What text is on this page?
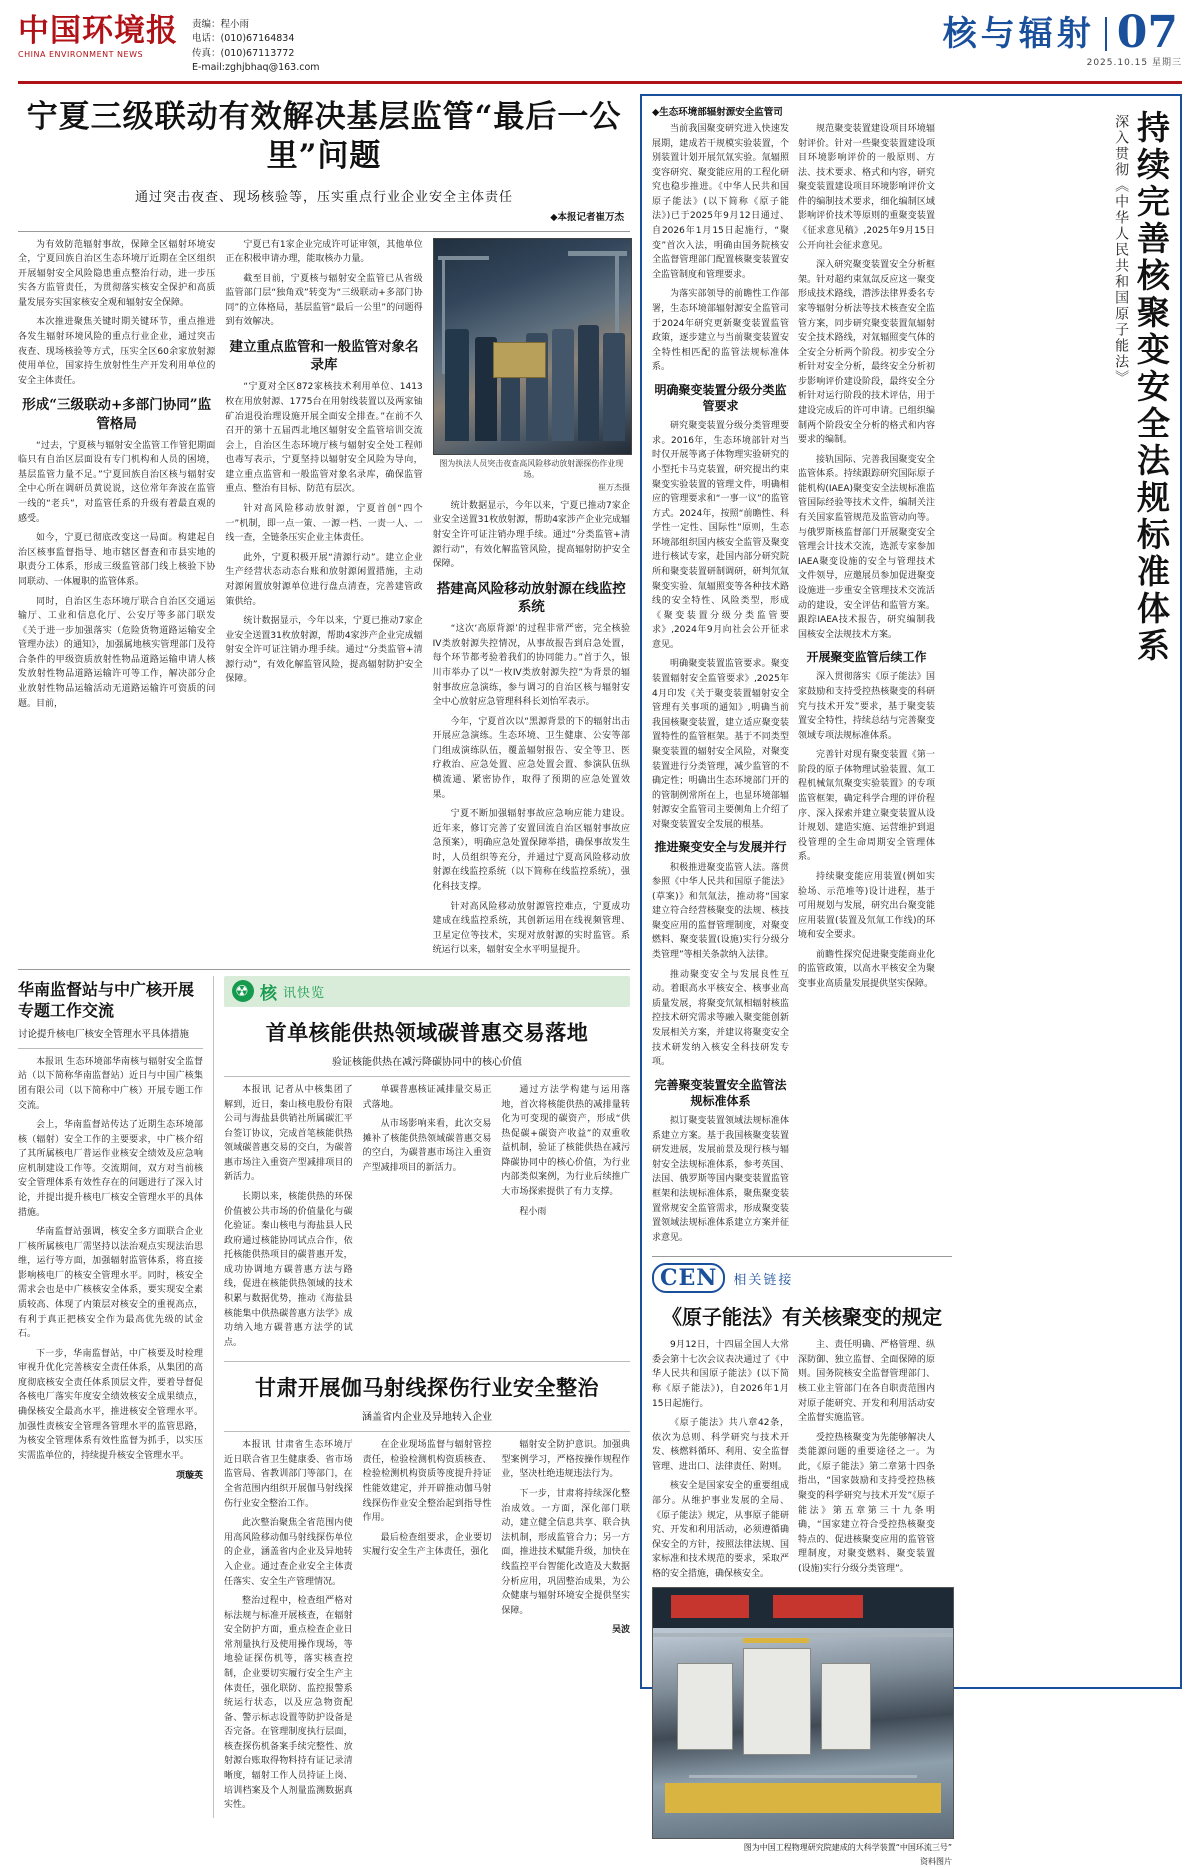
中国环境报
CHINA ENVIRONMENT NEWS
责编：程小雨
电话：(010)67164834
传真：(010)67113772
E-mail:zghjbhaq@163.com
核与辐射 07
2025.10.15 星期三
宁夏三级联动有效解决基层监管“最后一公里”问题
通过突击夜查、现场核验等，压实重点行业企业安全主体责任
◆本报记者崔万杰

为有效防范辐射事故，保障全区辐射环境安全，宁夏回族自治区生态环境厅近期在全区组织开展辐射安全风险隐患重点整治行动，进一步压实各方监管责任，为贯彻落实核安全保护和高质量发展夯实国家核安全观和辐射安全保障。

本次推进聚焦关键时期关键环节，重点推进各发生辐射环境风险的重点行业企业，通过突击夜查、现场核验等方式，压实全区60余家放射源使用单位，国家持生放射性生产开发利用单位的安全主体责任。

形成“三级联动+多部门协同”监管格局

“过去，宁夏核与辐射安全监管工作管犯期面临只有自治区层面设有专门机构和人员的困境，基层监管力量不足。”宁夏回族自治区核与辐射安全中心所在调研员黄说说，这位常年奔波在监管一线的“老兵”，对监管任系的升级有着最直观的感受。

如今，宁夏已彻底改变这一局面。构建起自治区核事监督指导、地市辖区督查和市县实地的职责分工体系，形成三级监管部门线上核验下协同联动、一体履职的监管体系。

同时，自治区生态环境厅联合自治区交通运输厅、工业和信息化厅、公安厅等多部门联发《关于进一步加强落实（危险货物道路运输安全管理办法）的通知》，加强属地核实管理部门及符合条件的甲级资质放射性物品道路运输申请人核发放射性物品道路运输许可等工作，解决部分企业放射性物品运输活动无道路运输许可资质的问题。目前，

宁夏已有1家企业完成许可证审领，其他单位正在积极申请办理，能取核办力量。

截至目前，宁夏核与辐射安全监管已从省级监管部门层“独角戏”转变为“三级联动+多部门协同”的立体格局，基层监管“最后一公里”的问题得到有效解决。

建立重点监管和一般监管对象名录库

“宁夏对全区872家核技术利用单位、1413枚在用放射源、1775台在用射线装置以及两家铀矿冶退役治理设施开展全面安全排查。”在前不久召开的第十五届西北地区辐射安全监管培训交流会上，自治区生态环境厅核与辐射安全处工程师也毒写表示，宁夏坚持以辐射安全风险为导向，建立重点监管和一般监管对象名录库，确保监管重点、整治有目标、防范有层次。

针对高风险移动放射源，宁夏首创“四个一”机制，即一点一策、一源一档、一责一人、一线一查，全链条压实企业主体责任。

此外，宁夏积极开展“清源行动”。建立企业生产经营状态动态台账和放射源闲置措施，主动对源闲置放射源单位进行盘点清查，完善建管政策供给。

统计数据显示，今年以来，宁夏已推动7家企业安全送置31枚放射源，帮助4家涉产企业完成辐射安全许可证注销办理手续。通过“分类监管+清源行动”，有效化解监管风险，提高辐射防护安全保障。

图为执法人员突击夜查高风险移动放射源探伤作业现场。
崔万杰摄

统计数据显示，今年以来，宁夏已推动7家企业安全送置31枚放射源，帮助4家涉产企业完成辐射安全许可证注销办理手续。通过“分类监管+清源行动”，有效化解监管风险，提高辐射防护安全保障。

搭建高风险移动放射源在线监控系统

“这次‘高原背源’的过程非常严密，完全核验IV类放射源失控情况，从事故报告到启急处置，每个环节都考验着我们的协同能力。”首于久，银川市举办了以“一枚IV类放射源失控”为背景的辐射事故应急演练，参与调习的自治区核与辐射安全中心放射应急管理科科长刘怡军表示。

今年，宁夏首次以“黑源背景的下的辐射出击开展应急演练。生态环境、卫生健康、公安等部门组成演练队伍，覆盖辐射报告、安全等卫、医疗救治、应急处置、应急处置会置、参演队伍纵横流通、紧密协作，取得了预期的应急处置效果。

宁夏不断加强辐射事故应急响应能力建设。近年来，修订完善了安置回流自治区辐射事故应急预案），明确应急处置保障举措，确保事故发生时，人员组织等充分，并通过宁夏高风险移动放射源在线监控系统（以下简称在线监控系统），强化科技支撑。

针对高风险移动放射源管控难点，宁夏成功建成在线监控系统，其创新运用在线视频管理、卫星定位等技术，实现对放射源的实时监管。系统运行以来，辐射安全水平明显提升。

华南监督站与中广核开展专题工作交流
讨论提升核电厂核安全管理水平具体措施

本报讯 生态环境部华南核与辐射安全监督站（以下简称华南监督站）近日与中国广核集团有限公司（以下简称中广核）开展专题工作交流。

会上，华南监督站传达了近期生态环境部核（辐射）安全工作的主要要求，中广核介绍了其所属核电厂普运作业核安全绩效及应急响应机制建设工作等。交流期间，双方对当前核安全管理体系有效性存在的问题进行了深入讨论，并提出提升核电厂核安全管理水平的具体措施。

华南监督站强调，核安全多方面联合企业厂核所属核电厂需坚持以法治观点实现法治思维，运行等方面，加强辐射监管体系，将直接影响核电厂的核安全管理水平。同时，核安全需求会也是中广核核安全体系，要实现安全素质较高、体现了内策层对核安全的重视高点，有利于真正把核安全作为最高优先级的试金石。

下一步，华南监督站，中广核要及时检理审视升优化完善核安全责任体系，从集团的高度彻底核安全责任体系顶层文件，要着导督促各核电厂落实年度安全绩效核安全成果绩点，确保核安全最高水平，推进核安全管理水平。加强性责核安全管理各管理水平的监管思路，为核安全管理体系有效性监督为抓手，以实压实需监单位的，持续提升核安全管理水平。

项璇英
☢
核 讯快览
首单核能供热领域碳普惠交易落地
验证核能供热在减污降碳协同中的核心价值

本报讯 记者从中核集团了解到，近日，秦山核电股份有限公司与海盐县供销社所属碳汇平台签订协议，完成首笔核能供热领域碳普惠交易的交白，为碳普惠市场注入重资产型减排项目的新活力。

长期以来，核能供热的环保价值被公共市场的价值量化与碳化验证。秦山核电与海盐县人民政府通过核能协同试点合作，依托核能供热项目的碳普惠开发，成功协调地方碳普惠方法与路线，促进在核能供热领域的技术积累与数据优势，推动《海盐县核能集中供热碳普惠方法学》成功纳入地方碳普惠方法学的试点。

单碳普惠核证减排量交易正式落地。

从市场影响来看，此次交易摊补了核能供热领域碳普惠交易的空白，为碳普惠市场注入重资产型减排项目的新活力。

通过方法学构建与运用落地，首次将核能供热的减排量转化为可变现的碳资产，形成“供热促碳+碳资产收益”的双重收益机制，验证了核能供热在减污降碳协同中的核心价值，为行业内部类似案例，为行业后续推广大市场探索提供了有力支撑。

程小雨

甘肃开展伽马射线探伤行业安全整治
涵盖省内企业及异地转入企业

本报讯 甘肃省生态环境厅近日联合省卫生健康委、省市场监管局、省教训部门等部门，在全省范围内组织开展伽马射线探伤行业安全整治工作。

此次整治聚焦全省范围内使用高风险移动伽马射线探伤单位的企业，涵盖省内企业及异地转入企业。通过查企业安全主体责任落实、安全生产管理情况。

整治过程中，检查组严格对标法规与标准开展核查，在辐射安全防护方面，重点检查企业日常剂量执行及使用操作现场，等地验证探伤机等，落实核查控制，企业要切实履行安全生产主体责任，强化联防、监控报警系统运行状态，以及应急物资配备、警示标志设置等防护设备是否完备。在管理制度执行层面，核查探伤机备案手续完整性、放射源台账取得物料持有证记录清晰度，辐射工作人员持证上岗、培训档案及个人剂量监测数据真实性。

在企业现场监督与辐射管控责任，检验检测机构资质核查、检验检测机构资质等度提升持证性能效建定，并开辟推动伽马射线探伤作业安全整治起到指导性作用。

最后检查组要求，企业要切实履行安全生产主体责任，强化

辐射安全防护意识。加强典型案例学习，严格按操作规程作业，坚决杜绝违规违法行为。

下一步，甘肃将持续深化整治成效。一方面，深化部门联动，建立健全信息共享、联合执法机制，形成监管合力；另一方面，推进技术赋能升级，加快在线监控平台智能化改造及大数据分析应用，巩固整治成果，为公众健康与辐射环境安全提供坚实保障。

吴波
持续完善核聚变安全法规标准体系
深入贯彻《中华人民共和国原子能法》
◆生态环境部辐射源安全监管司

当前我国聚变研究进入快速发展期，建成若干规模实验装置，个别装置计划开展氘氚实验。氚辐照变容研究、聚变能应用的工程化研究也稳步推进。《中华人民共和国原子能法》(以下简称《原子能法》)已于2025年9月12日通过、自2026年1月15日起施行，“聚变”首次入法，明确由国务院核安全监督管理部门配置核聚变装置安全监管制度和管理要求。

为落实部领导的前瞻性工作部署，生态环境部辐射源安全监管司于2024年研究更新聚变装置监管政策，逐步建立与当前聚变装置安全特性相匹配的监管法规标准体系。

明确聚变装置分级分类监管要求

研究聚变装置分级分类管理要求。2016年，生态环境部针对当时仅开展等离子体物理实验研究的小型托卡马克装置，研究提出约束聚变实验装置的管理文件，明确相应的管理要求和“一事一议”的监管方式。2024年，按照“前瞻性、科学性一定性、国际性”原则，生态环境部组织国内核安全监管及聚变进行核试专家，赴国内部分研究院所和聚变装置研制调研，研判氘氚聚变实验、氚辐照变等各种技术路线的安全特性、风险类型，形成《聚变装置分级分类监管要求》,2024年9月向社会公开征求意见。

明确聚变装置监管要求。聚变装置辐射安全监管要求》,2025年4月印发《关于聚变装置辐射安全管理有关事项的通知》,明确当前我国核聚变装置，建立适应聚变装置特性的监管框架。基于不同类型聚变装置的辐射安全风险，对聚变装置进行分类管理，减少监管的不确定性；明确出生态环境部门开的的管制例常所在上，也显环境部辐射源安全监管司主要侧角上介绍了对聚变装置安全发展的根基。

推进聚变安全与发展并行

积极推进聚变监管人法。落贯参照《中华人民共和国原子能法》(草案)》和氘氚法，推动将“国家建立符合经营核聚变的法规、核技聚变应用的监督管理制度，对聚变燃料、聚变装置(设施)实行分级分类管理”等相关条款纳入法律。

推动聚变安全与发展良性互动。着眼高水平核安全、核事业高质量发展，将聚变氘氚相辐射核监控技术研究需求等融入聚变能创新发展相关方案，并建议将聚变安全技术研发纳入核安全科技研发专项。

完善聚变装置安全监管法规标准体系

拟订聚变装置领域法规标准体系建立方案。基于我国核聚变装置研发进展，发展前景及现行核与辐射安全法规标准体系，参考英国、法国、俄罗斯等国内聚变装置监管框架和法规标准体系，聚焦聚变装置常规安全监管需求，形成聚变装置领域法规标准体系建立方案并征求意见。

规范聚变装置建设项目环境辐射评价。针对一些聚变装置建设项目环境影响评价的一般原则、方法、技术要求、格式和内容，研究聚变装置建设项目环境影响评价文件的编制技术要求，细化编制区域影响评价技术等原则的重聚变装置《征求意见稿》,2025年9月15日公开向社会征求意见。

深入研究聚变装置安全分析框架。针对超约束氚氙反应这一聚变形成技术路线，潜涉法律界委名专家等辐射分析法等技术核查安全监管方案，同步研究聚变装置氚辐射安全技术路线，对氚辐照变气体的全安全分析两个阶段。初步安全分析针对安全分析，最终安全分析初步影响评价建设阶段，最终安全分析针对运行阶段的技术评估，用于建设完成后的许可申请。已组织编制两个阶段安全分析的格式和内容要求的编制。

接轨国际、完善我国聚变安全监管体系。持续跟踪研究国际原子能机构(IAEA)聚变安全法规标准监管国际经验等技术文件，编制关注有关国家监管规范及监管动向等。与俄罗斯核监督部门开展聚变安全管理会计技术交流，选派专家参加IAEA聚变设施的安全与管理技术文件领导，应邀展员参加促进聚变设施进一步重安全管理技术交流活动的建设，安全评估和监管方案。跟踪IAEA技术报告，研究编制我国核安全法规技术方案。

开展聚变监管后续工作

深入贯彻落实《原子能法》国家鼓励和支持受控热核聚变的科研究与技术开发”要求，基于聚变装置安全特性，持续总结与完善聚变领域专项法规标准体系。

完善针对现有聚变装置《第一阶段的原子体物理试验装置、氚工程机械氚氘聚变实验装置》的专项监管框架，确定科学合理的评价程序、深入探索并建立聚变装置从设计规划、建造实施、运营维护到退役管理的全生命周期安全管理体系。

持续聚变能应用装置(例如实验场、示范堆等)设计进程，基于可用规划与发展，研究出台聚变能应用装置(装置及氘氚工作线)的环境和安全要求。

前瞻性探究促进聚变能商业化的监管政策，以高水平核安全为聚变事业高质量发展提供坚实保障。

CEN	相关链接
《原子能法》有关核聚变的规定

9月12日，十四届全国人大常委会第十七次会议表决通过了《中华人民共和国原子能法》(以下简称《原子能法》)，自2026年1月15日起施行。

《原子能法》共八章42条，依次为总则、科学研究与技术开发、核燃料循环、利用、安全监督管理、进出口、法律责任、附则。

核安全是国家安全的重要组成部分。从维护事业发展的全局、《原子能法》规定，从事原子能研究、开发和利用活动，必须遵循确保安全的方针，按照法律法规、国家标准和技术规范的要求，采取严格的安全措施，确保核安全。

主、责任明确、严格管理、纵深防御、独立监督、全面保障的原则。国务院核安全监督管理部门、核工业主管部门在各自职责范围内对原子能研究、开发和利用活动安全监督实施监管。

受控热核聚变为先能够解决人类能源问题的重要途径之一。为此，《原子能法》第二章第十四条指出，“国家鼓励和支持受控热核聚变的科学研究与技术开发”《原子能法》第五章第三十九条明确，“国家建立符合受控热核聚变特点的、促进核聚变应用的监管管理制度，对聚变燃料、聚变装置(设施)实行分级分类管理”。

图为中国工程物理研究院建成的大科学装置“中国环流三号”
资料图片
